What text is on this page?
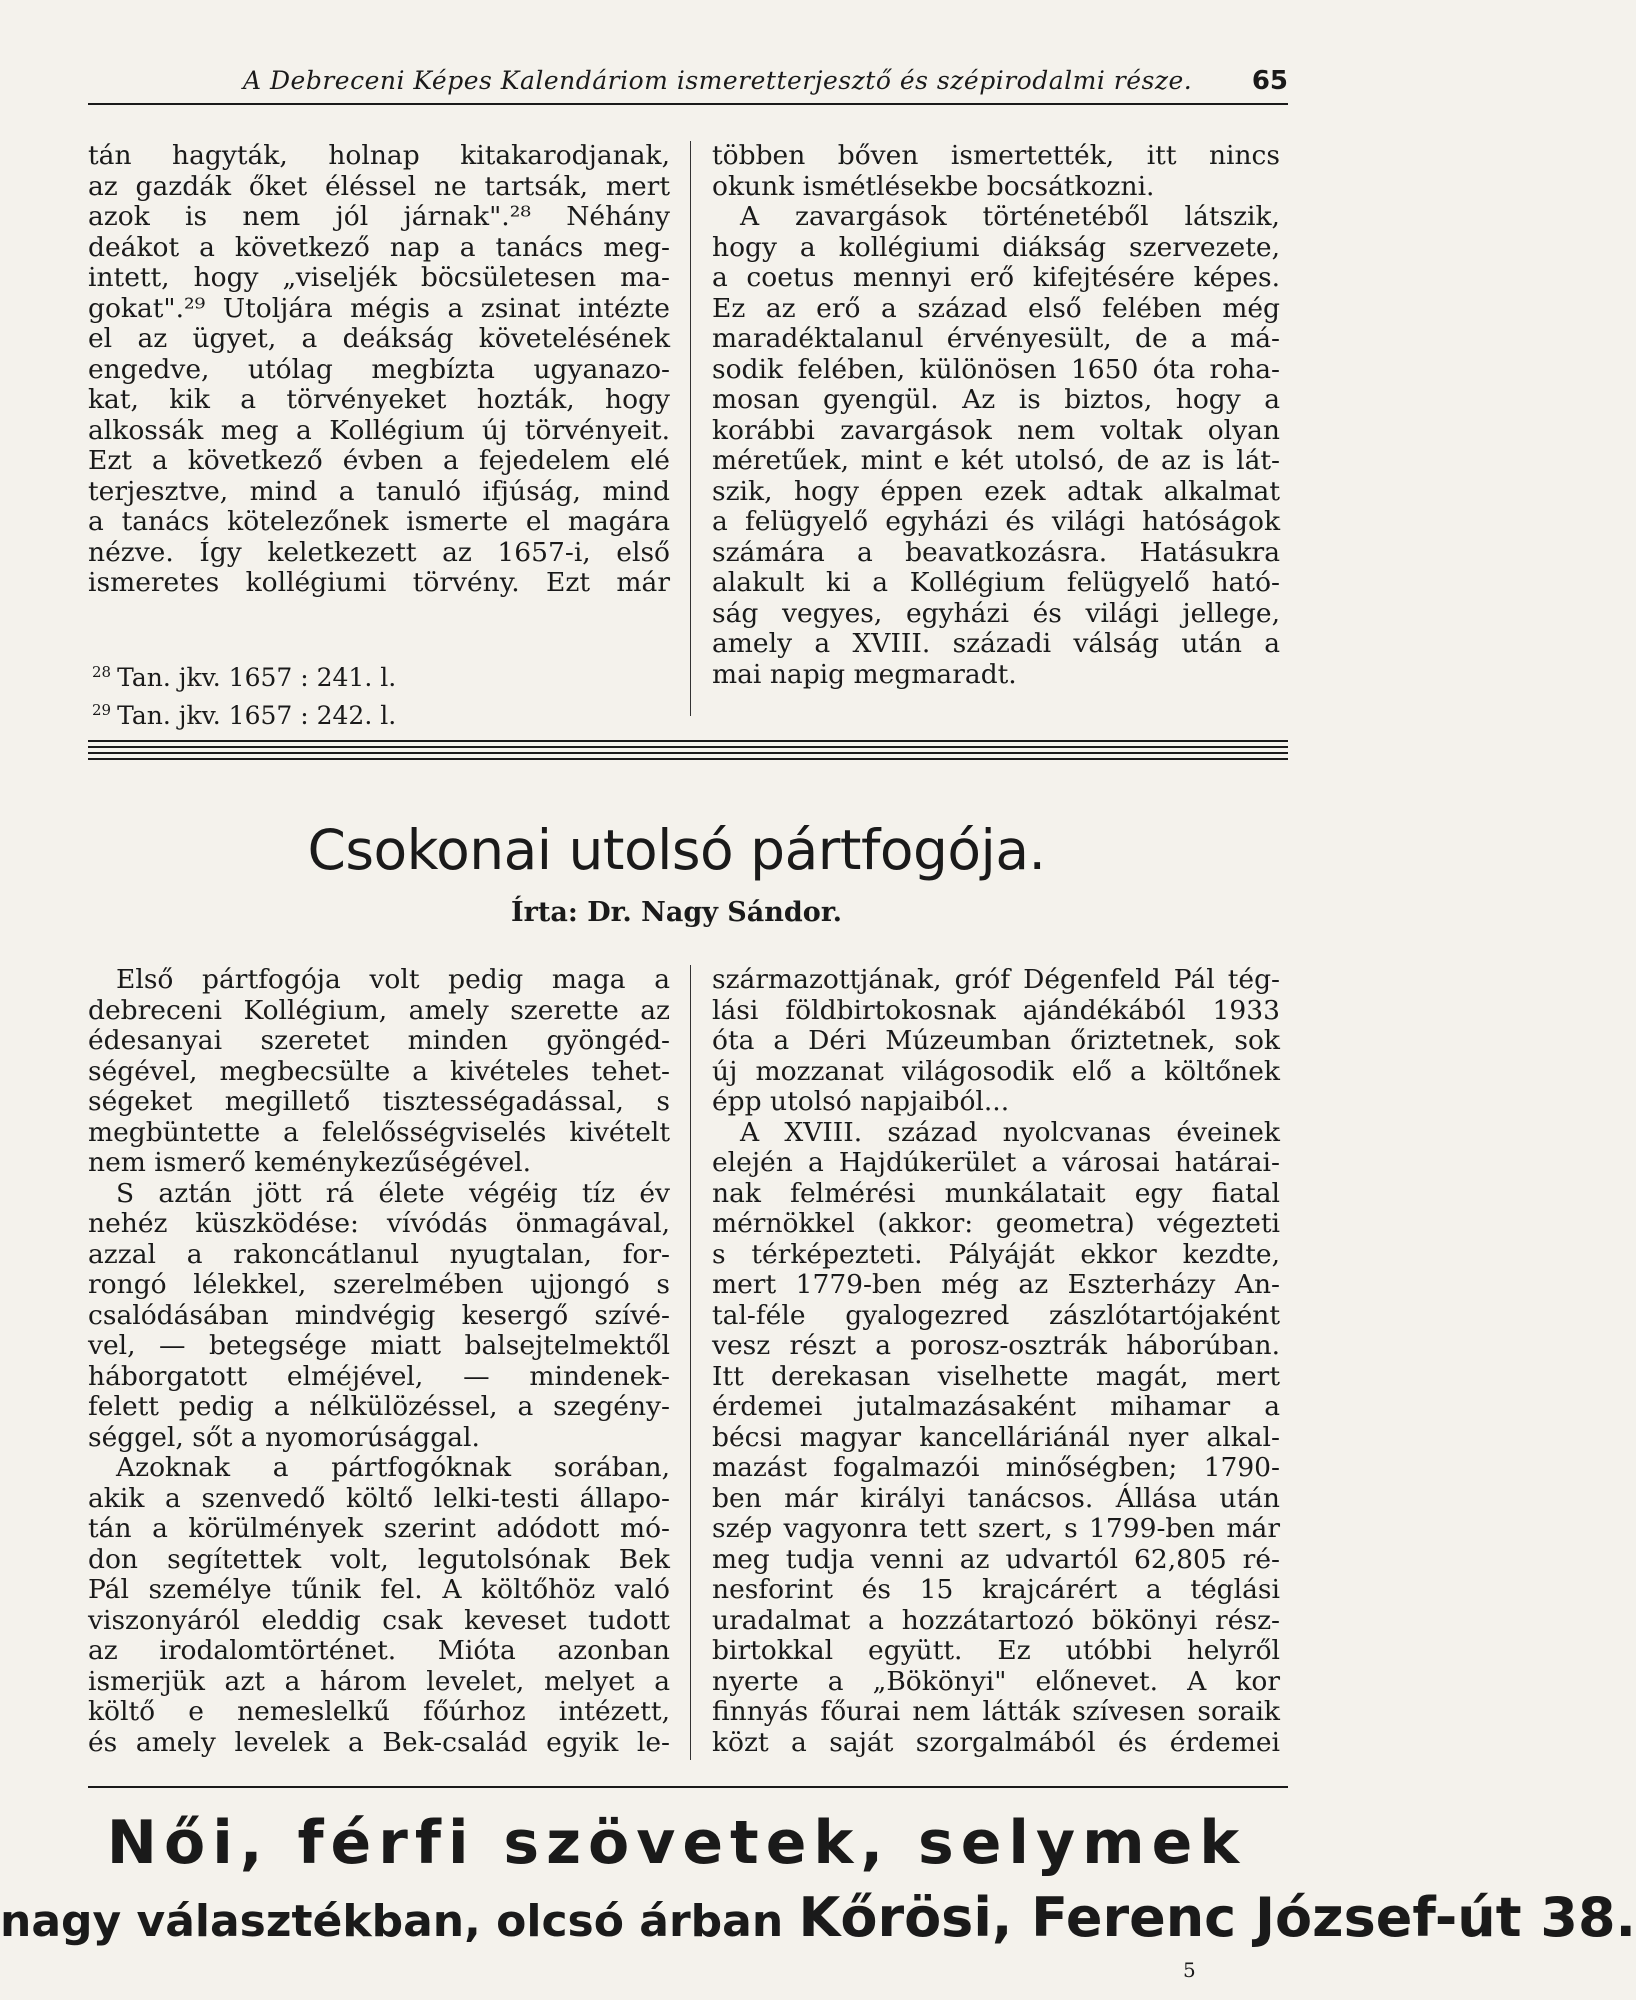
A Debreceni Képes Kalendáriom ismeretterjesztő és szépirodalmi része. 65

tán hagyták, holnap kitakarodjanak,

az gazdák őket éléssel ne tartsák, mert

azok is nem jól járnak".²⁸ Néhány

deákot a következő nap a tanács meg-

intett, hogy „viseljék böcsületesen ma-

gokat".²⁹ Utoljára mégis a zsinat intézte

el az ügyet, a deákság követelésének

engedve, utólag megbízta ugyanazo-

kat, kik a törvényeket hozták, hogy

alkossák meg a Kollégium új törvényeit.

Ezt a következő évben a fejedelem elé

terjesztve, mind a tanuló ifjúság, mind

a tanács kötelezőnek ismerte el magára

nézve. Így keletkezett az 1657-i, első

ismeretes kollégiumi törvény. Ezt már

$^{28}$ Tan. jkv. 1657 : 241. l.
$^{29}$ Tan. jkv. 1657 : 242. l.

többen bőven ismertették, itt nincs

okunk ismétlésekbe bocsátkozni.

A zavargások történetéből látszik,

hogy a kollégiumi diákság szervezete,

a coetus mennyi erő kifejtésére képes.

Ez az erő a század első felében még

maradéktalanul érvényesült, de a má-

sodik felében, különösen 1650 óta roha-

mosan gyengül. Az is biztos, hogy a

korábbi zavargások nem voltak olyan

méretűek, mint e két utolsó, de az is lát-

szik, hogy éppen ezek adtak alkalmat

a felügyelő egyházi és világi hatóságok

számára a beavatkozásra. Hatásukra

alakult ki a Kollégium felügyelő ható-

ság vegyes, egyházi és világi jellege,

amely a XVIII. századi válság után a

mai napig megmaradt.

Csokonai utolsó pártfogója.
Írta: Dr. Nagy Sándor.

Első pártfogója volt pedig maga a

debreceni Kollégium, amely szerette az

édesanyai szeretet minden gyöngéd-

ségével, megbecsülte a kivételes tehet-

ségeket megillető tisztességadással, s

megbüntette a felelősségviselés kivételt

nem ismerő keménykezűségével.

S aztán jött rá élete végéig tíz év

nehéz küszködése: vívódás önmagával,

azzal a rakoncátlanul nyugtalan, for-

rongó lélekkel, szerelmében ujjongó s

csalódásában mindvégig kesergő szívé-

vel, — betegsége miatt balsejtelmektől

háborgatott elméjével, — mindenek-

felett pedig a nélkülözéssel, a szegény-

séggel, sőt a nyomorúsággal.

Azoknak a pártfogóknak sorában,

akik a szenvedő költő lelki-testi állapo-

tán a körülmények szerint adódott mó-

don segítettek volt, legutolsónak Bek

Pál személye tűnik fel. A költőhöz való

viszonyáról eleddig csak keveset tudott

az irodalomtörténet. Mióta azonban

ismerjük azt a három levelet, melyet a

költő e nemeslelkű főúrhoz intézett,

és amely levelek a Bek-család egyik le-

származottjának, gróf Dégenfeld Pál tég-

lási földbirtokosnak ajándékából 1933

óta a Déri Múzeumban őriztetnek, sok

új mozzanat világosodik elő a költőnek

épp utolsó napjaiból...

A XVIII. század nyolcvanas éveinek

elején a Hajdúkerület a városai határai-

nak felmérési munkálatait egy fiatal

mérnökkel (akkor: geometra) végezteti

s térképezteti. Pályáját ekkor kezdte,

mert 1779-ben még az Eszterházy An-

tal-féle gyalogezred zászlótartójaként

vesz részt a porosz-osztrák háborúban.

Itt derekasan viselhette magát, mert

érdemei jutalmazásaként mihamar a

bécsi magyar kancelláriánál nyer alkal-

mazást fogalmazói minőségben; 1790-

ben már királyi tanácsos. Állása után

szép vagyonra tett szert, s 1799-ben már

meg tudja venni az udvartól 62,805 ré-

nesforint és 15 krajcárért a téglási

uradalmat a hozzátartozó bökönyi rész-

birtokkal együtt. Ez utóbbi helyről

nyerte a „Bökönyi" előnevet. A kor

finnyás főurai nem látták szívesen soraik

közt a saját szorgalmából és érdemei

Női, férfi szövetek, selymek
nagy választékban, olcsó árban Kőrösi, Ferenc József-út 38.
5
